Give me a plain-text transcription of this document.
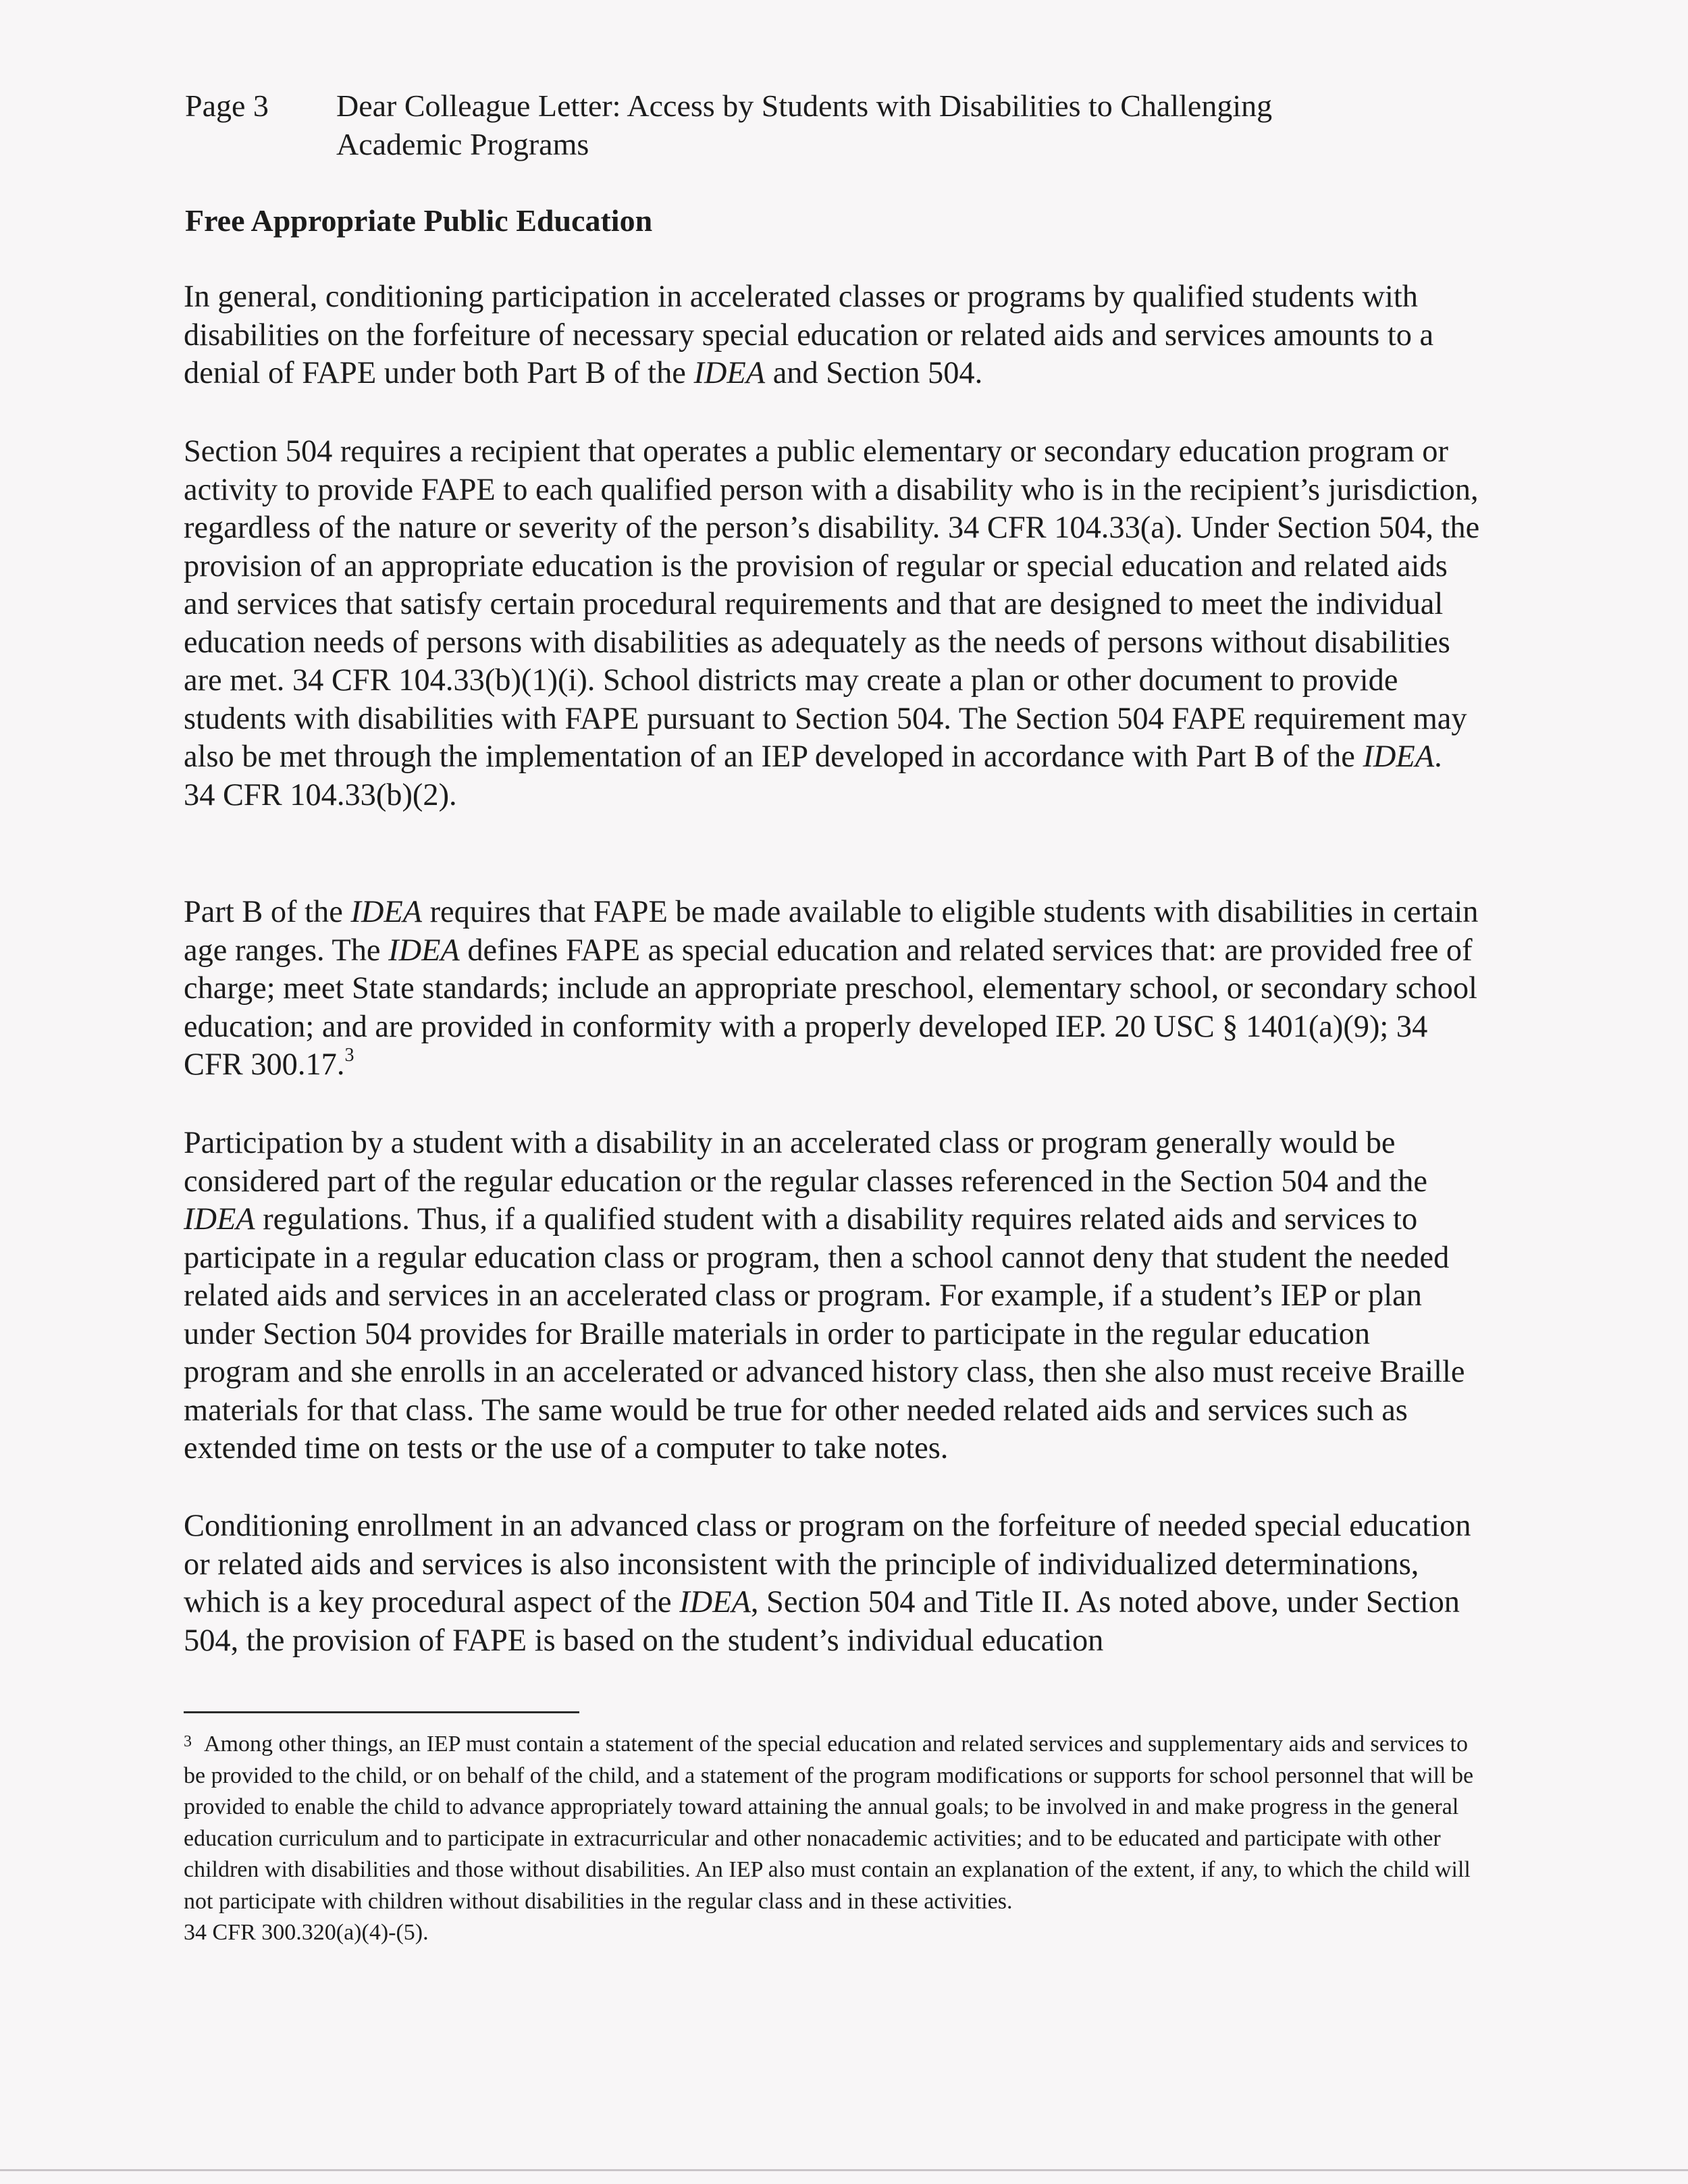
Page 3 Dear Colleague Letter: Access by Students with Disabilities to Challenging
Academic Programs
Free Appropriate Public Education

In general, conditioning participation in accelerated classes or programs by qualified students with disabilities on the forfeiture of necessary special education or related aids and services amounts to a denial of FAPE under both Part B of the IDEA and Section 504.

Section 504 requires a recipient that operates a public elementary or secondary education program or activity to provide FAPE to each qualified person with a disability who is in the recipient’s jurisdiction, regardless of the nature or severity of the person’s disability. 34 CFR 104.33(a). Under Section 504, the provision of an appropriate education is the provision of regular or special education and related aids and services that satisfy certain procedural requirements and that are designed to meet the individual education needs of persons with disabilities as adequately as the needs of persons without disabilities are met. 34 CFR 104.33(b)(1)(i). School districts may create a plan or other document to provide students with disabilities with FAPE pursuant to Section 504. The Section 504 FAPE requirement may also be met through the implementation of an IEP developed in accordance with Part B of the IDEA.
34 CFR 104.33(b)(2).

Part B of the IDEA requires that FAPE be made available to eligible students with disabilities in certain age ranges. The IDEA defines FAPE as special education and related services that: are provided free of charge; meet State standards; include an appropriate preschool, elementary school, or secondary school education; and are provided in conformity with a properly developed IEP. 20 USC § 1401(a)(9); 34 CFR 300.17.$^3$

Participation by a student with a disability in an accelerated class or program generally would be considered part of the regular education or the regular classes referenced in the Section 504 and the IDEA regulations. Thus, if a qualified student with a disability requires related aids and services to participate in a regular education class or program, then a school cannot deny that student the needed related aids and services in an accelerated class or program. For example, if a student’s IEP or plan under Section 504 provides for Braille materials in order to participate in the regular education program and she enrolls in an accelerated or advanced history class, then she also must receive Braille materials for that class. The same would be true for other needed related aids and services such as extended time on tests or the use of a computer to take notes.

Conditioning enrollment in an advanced class or program on the forfeiture of needed special education or related aids and services is also inconsistent with the principle of individualized determinations, which is a key procedural aspect of the IDEA, Section 504 and Title II. As noted above, under Section 504, the provision of FAPE is based on the student’s individual education

$^3$ Among other things, an IEP must contain a statement of the special education and related services and supplementary aids and services to be provided to the child, or on behalf of the child, and a statement of the program modifications or supports for school personnel that will be provided to enable the child to advance appropriately toward attaining the annual goals; to be involved in and make progress in the general education curriculum and to participate in extracurricular and other nonacademic activities; and to be educated and participate with other children with disabilities and those without disabilities. An IEP also must contain an explanation of the extent, if any, to which the child will not participate with children without disabilities in the regular class and in these activities.
34 CFR 300.320(a)(4)-(5).
